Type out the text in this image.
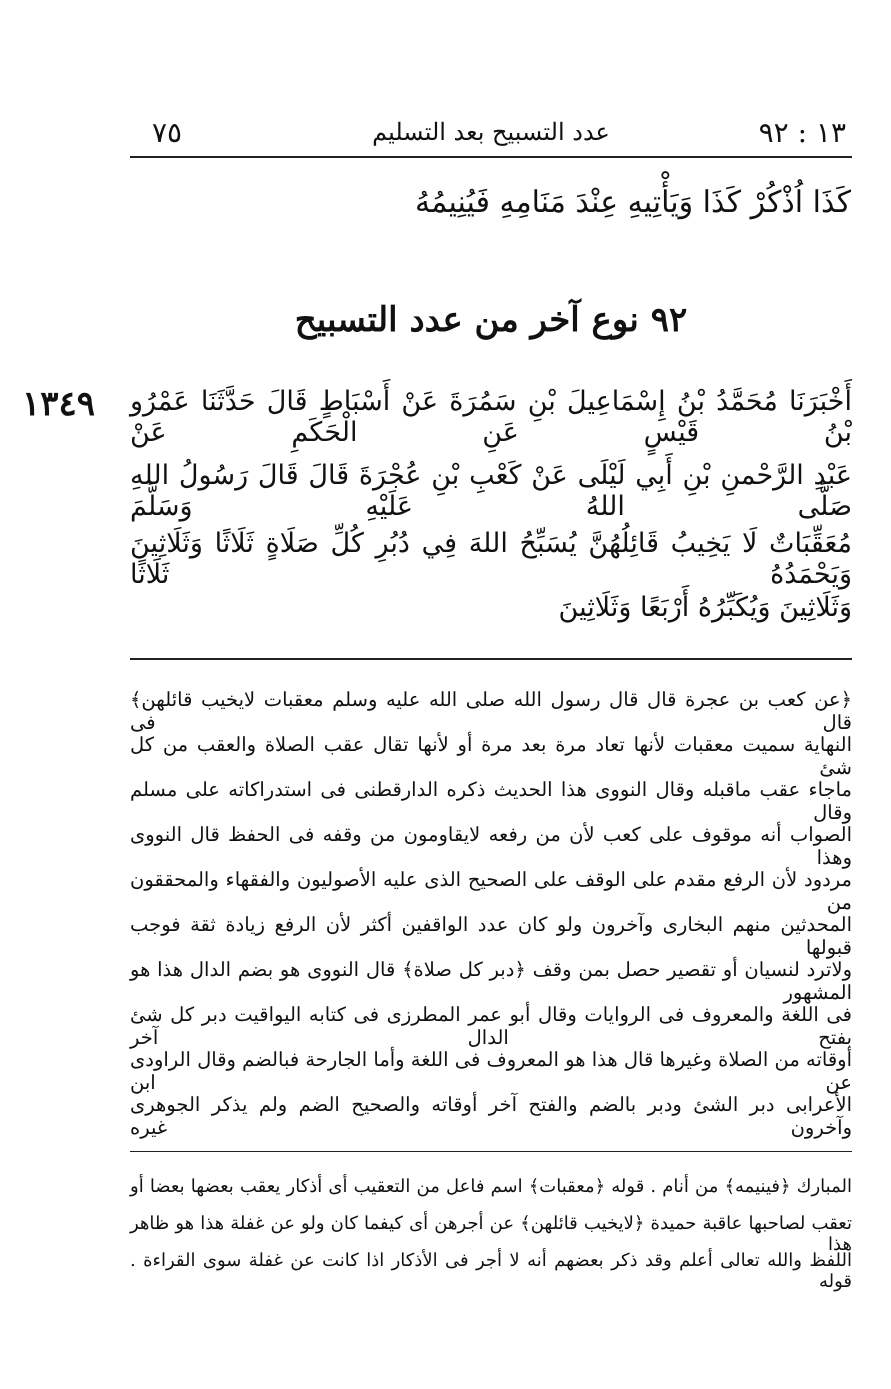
٧٥	عدد التسبيح بعد التسليم	١٣ : ٩٢
كَذَا اُذْكُرْ كَذَا وَيَأْتِيهِ عِنْدَ مَنَامِهِ فَيُنِيمُهُ
٩٢ نوع آخر من عدد التسبيح
١٣٤٩ أَخْبَرَنَا مُحَمَّدُ بْنُ إِسْمَاعِيلَ بْنِ سَمُرَةَ عَنْ أَسْبَاطٍ قَالَ حَدَّثَنَا عَمْرُو بْنُ قَيْسٍ عَنِ الْحَكَمِ عَنْ
عَبْدِ الرَّحْمنِ بْنِ أَبِي لَيْلَى عَنْ كَعْبِ بْنِ عُجْرَةَ قَالَ قَالَ رَسُولُ اللهِ صَلَّى اللهُ عَلَيْهِ وَسَلَّمَ
مُعَقِّبَاتٌ لَا يَخِيبُ قَائِلُهُنَّ يُسَبِّحُ اللهَ فِي دُبُرِ كُلِّ صَلَاةٍ ثَلَاثًا وَثَلَاثِينَ وَيَحْمَدُهُ ثَلَاثًا
وَثَلَاثِينَ وَيُكَبِّرُهُ أَرْبَعًا وَثَلَاثِينَ
﴿عن كعب بن عجرة قال قال رسول الله صلى الله عليه وسلم معقبات لايخيب قائلهن﴾ قال فى
النهاية سميت معقبات لأنها تعاد مرة بعد مرة أو لأنها تقال عقب الصلاة والعقب من كل شئ
ماجاء عقب ماقبله وقال النووى هذا الحديث ذكره الدارقطنى فى استدراكاته على مسلم وقال
الصواب أنه موقوف على كعب لأن من رفعه لايقاومون من وقفه فى الحفظ قال النووى وهذا
مردود لأن الرفع مقدم على الوقف على الصحيح الذى عليه الأصوليون والفقهاء والمحققون من
المحدثين منهم البخارى وآخرون ولو كان عدد الواقفين أكثر لأن الرفع زيادة ثقة فوجب قبولها
ولاترد لنسيان أو تقصير حصل بمن وقف ﴿دبر كل صلاة﴾ قال النووى هو بضم الدال هذا هو المشهور
فى اللغة والمعروف فى الروايات وقال أبو عمر المطرزى فى كتابه اليواقيت دبر كل شئ بفتح الدال آخر
أوقاته من الصلاة وغيرها قال هذا هو المعروف فى اللغة وأما الجارحة فبالضم وقال الراودى عن ابن
الأعرابى دبر الشئ ودبر بالضم والفتح آخر أوقاته والصحيح الضم ولم يذكر الجوهرى وآخرون غيره
المبارك ﴿فينيمه﴾ من أنام . قوله ﴿معقبات﴾ اسم فاعل من التعقيب أى أذكار يعقب بعضها بعضا أو
تعقب لصاحبها عاقبة حميدة ﴿لايخيب قائلهن﴾ عن أجرهن أى كيفما كان ولو عن غفلة هذا هو ظاهر هذا
اللفظ والله تعالى أعلم وقد ذكر بعضهم أنه لا أجر فى الأذكار اذا كانت عن غفلة سوى القراءة . قوله
